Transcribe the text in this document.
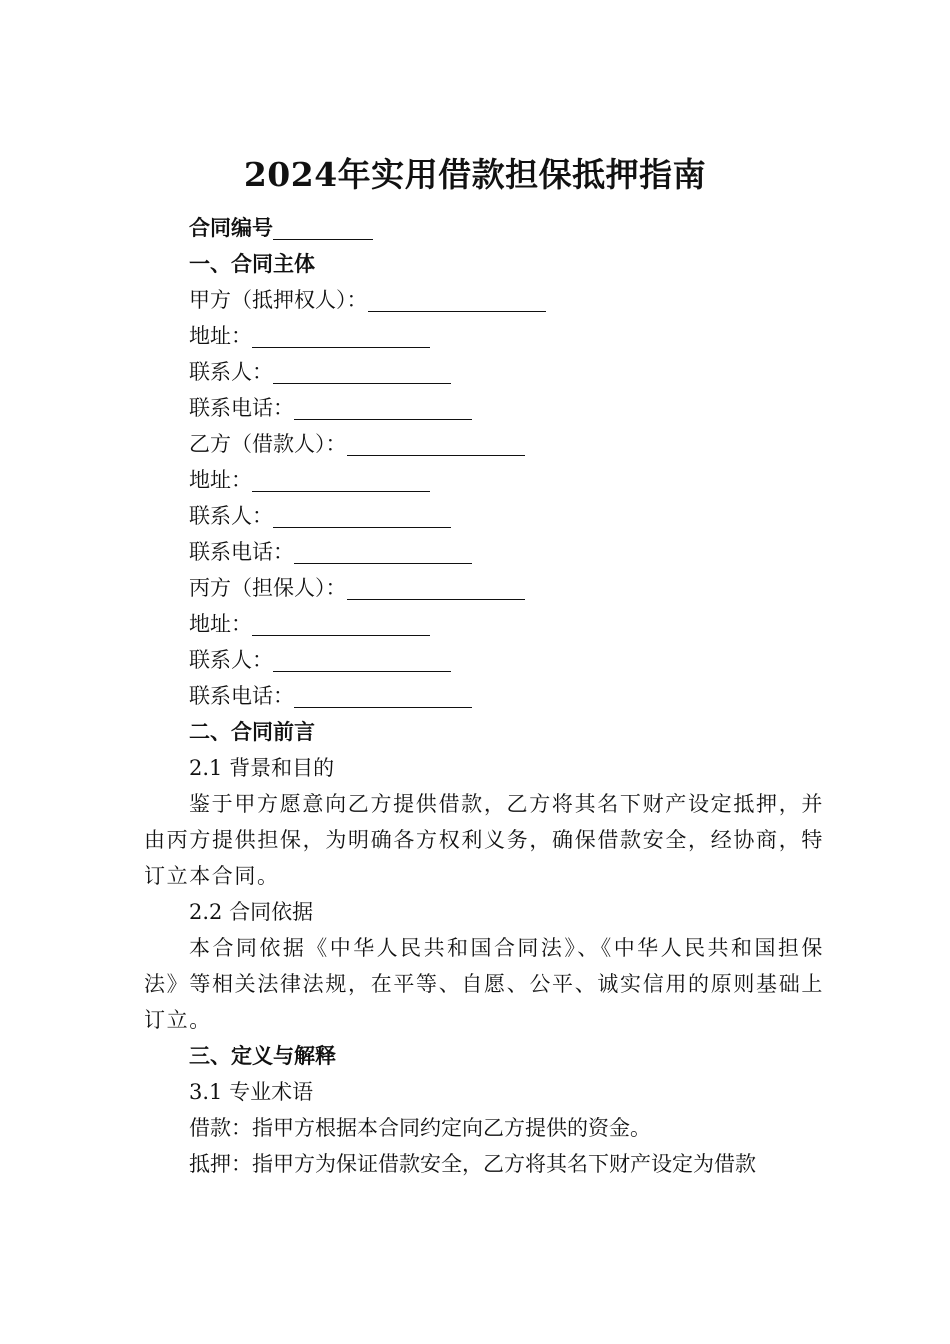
2024年实用借款担保抵押指南
合同编号
一、合同主体
甲方（抵押权人）：
地址：
联系人：
联系电话：
乙方（借款人）：
地址：
联系人：
联系电话：
丙方（担保人）：
地址：
联系人：
联系电话：
二、合同前言
2.1 背景和目的
鉴于甲方愿意向乙方提供借款，乙方将其名下财产设定抵押，并由丙方提供担保，为明确各方权利义务，确保借款安全，经协商，特订立本合同。
2.2 合同依据
本合同依据《中华人民共和国合同法》、《中华人民共和国担保法》等相关法律法规，在平等、自愿、公平、诚实信用的原则基础上订立。
三、定义与解释
3.1 专业术语
借款：指甲方根据本合同约定向乙方提供的资金。
抵押：指甲方为保证借款安全，乙方将其名下财产设定为借款
